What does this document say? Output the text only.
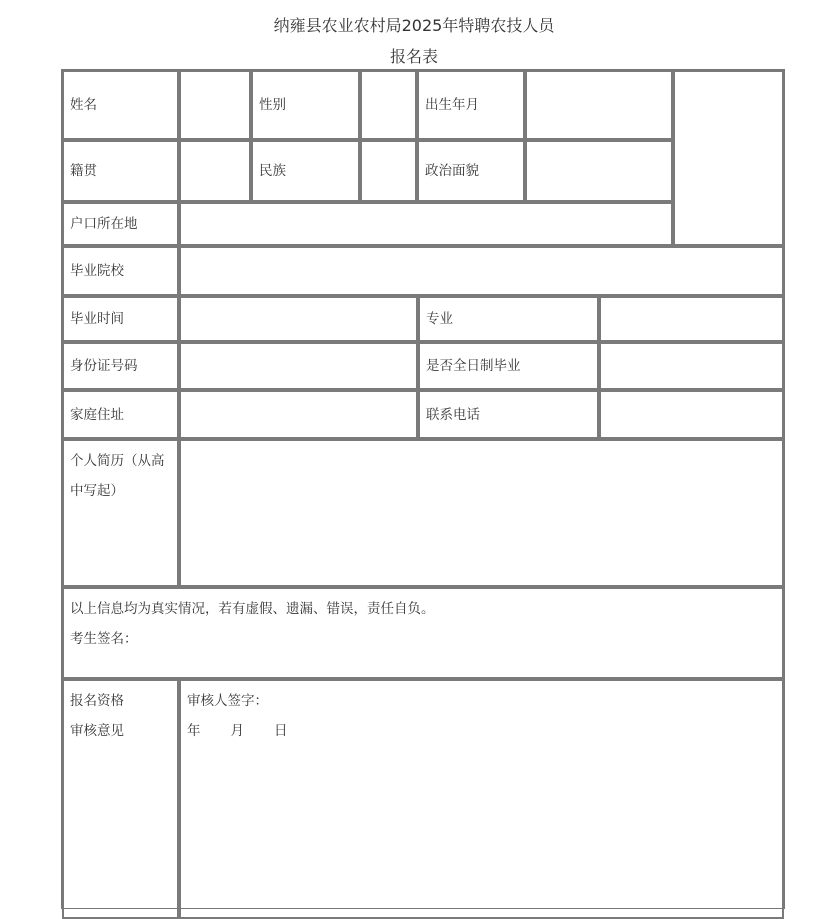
纳雍县农业农村局2025年特聘农技人员
报名表
姓名	性别	出生年月
籍贯	民族	政治面貌
户口所在地
毕业院校
毕业时间	专业
身份证号码	是否全日制毕业
家庭住址	联系电话
个人简历（从高中写起）
以上信息均为真实情况，若有虚假、遗漏、错误，责任自负。
考生签名：
报名资格
审核意见
审核人签字：
年 月 日
